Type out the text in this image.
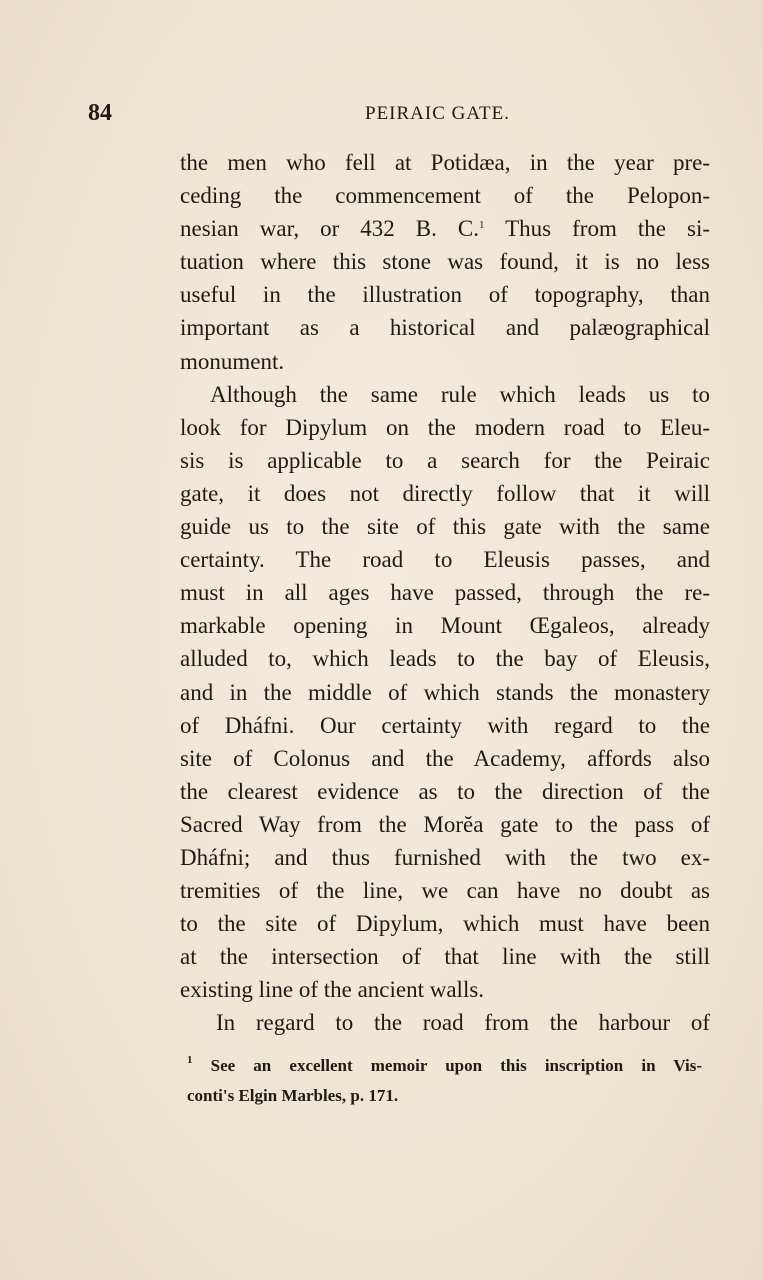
84	PEIRAIC GATE.
the men who fell at Potidæa, in the year pre-
ceding the commencement of the Pelopon-
nesian war, or 432 B. C.$^1$ Thus from the si-
tuation where this stone was found, it is no less
useful in the illustration of topography, than
important as a historical and palæographical
monument.
Although the same rule which leads us to
look for Dipylum on the modern road to Eleu-
sis is applicable to a search for the Peiraic
gate, it does not directly follow that it will
guide us to the site of this gate with the same
certainty. The road to Eleusis passes, and
must in all ages have passed, through the re-
markable opening in Mount Œgaleos, already
alluded to, which leads to the bay of Eleusis,
and in the middle of which stands the monastery
of Dháfni. Our certainty with regard to the
site of Colonus and the Academy, affords also
the clearest evidence as to the direction of the
Sacred Way from the Morĕa gate to the pass of
Dháfni; and thus furnished with the two ex-
tremities of the line, we can have no doubt as
to the site of Dipylum, which must have been
at the intersection of that line with the still
existing line of the ancient walls.
In regard to the road from the harbour of
$^1$ See an excellent memoir upon this inscription in Vis-
conti's Elgin Marbles, p. 171.
